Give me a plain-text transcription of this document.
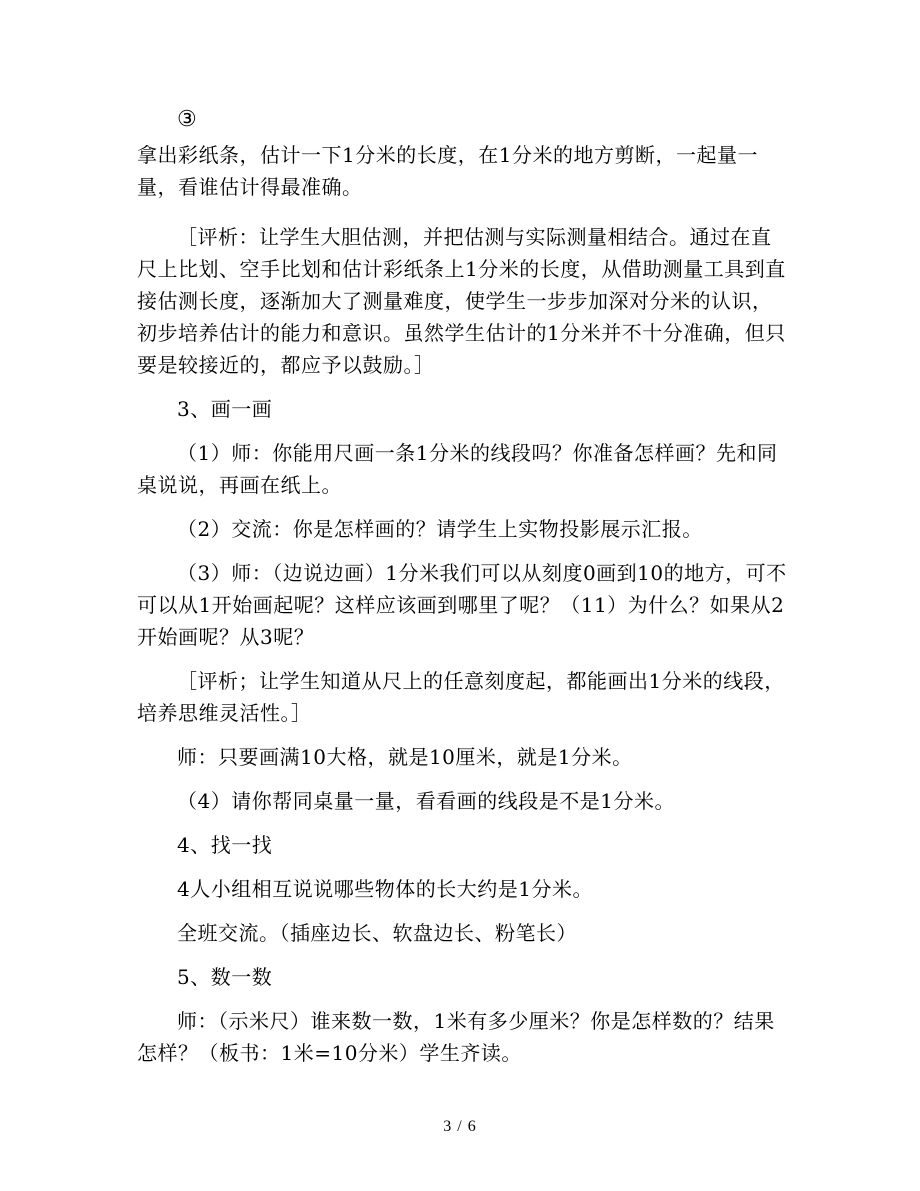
③

拿出彩纸条，估计一下1分米的长度，在1分米的地方剪断，一起量一量，看谁估计得最准确。

［评析：让学生大胆估测，并把估测与实际测量相结合。通过在直尺上比划、空手比划和估计彩纸条上1分米的长度，从借助测量工具到直接估测长度，逐渐加大了测量难度，使学生一步步加深对分米的认识，初步培养估计的能力和意识。虽然学生估计的1分米并不十分准确，但只要是较接近的，都应予以鼓励。］

3、画一画

（1）师：你能用尺画一条1分米的线段吗？你准备怎样画？先和同桌说说，再画在纸上。

（2）交流：你是怎样画的？请学生上实物投影展示汇报。

（3）师：（边说边画）1分米我们可以从刻度0画到10的地方，可不可以从1开始画起呢？这样应该画到哪里了呢？（11）为什么？如果从2开始画呢？从3呢？

［评析；让学生知道从尺上的任意刻度起，都能画出1分米的线段，培养思维灵活性。］

师：只要画满10大格，就是10厘米，就是1分米。

（4）请你帮同桌量一量，看看画的线段是不是1分米。

4、找一找

4人小组相互说说哪些物体的长大约是1分米。

全班交流。（插座边长、软盘边长、粉笔长）

5、数一数

师：（示米尺）谁来数一数，1米有多少厘米？你是怎样数的？结果怎样？（板书：1米=10分米）学生齐读。

3 / 6
